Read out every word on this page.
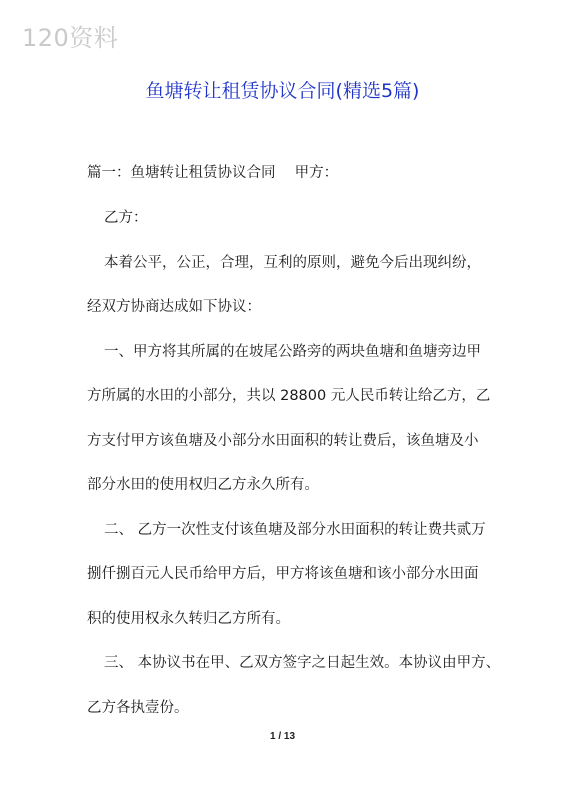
120资料
鱼塘转让租赁协议合同(精选5篇)
篇一：鱼塘转让租赁协议合同　 甲方：
乙方：
本着公平，公正，合理，互利的原则，避免今后出现纠纷，
经双方协商达成如下协议：
一、甲方将其所属的在坡尾公路旁的两块鱼塘和鱼塘旁边甲
方所属的水田的小部分，共以 28800 元人民币转让给乙方，乙
方支付甲方该鱼塘及小部分水田面积的转让费后，该鱼塘及小
部分水田的使用权归乙方永久所有。
二、 乙方一次性支付该鱼塘及部分水田面积的转让费共贰万
捌仟捌百元人民币给甲方后，甲方将该鱼塘和该小部分水田面
积的使用权永久转归乙方所有。
三、 本协议书在甲、乙双方签字之日起生效。本协议由甲方、
乙方各执壹份。
1 / 13
